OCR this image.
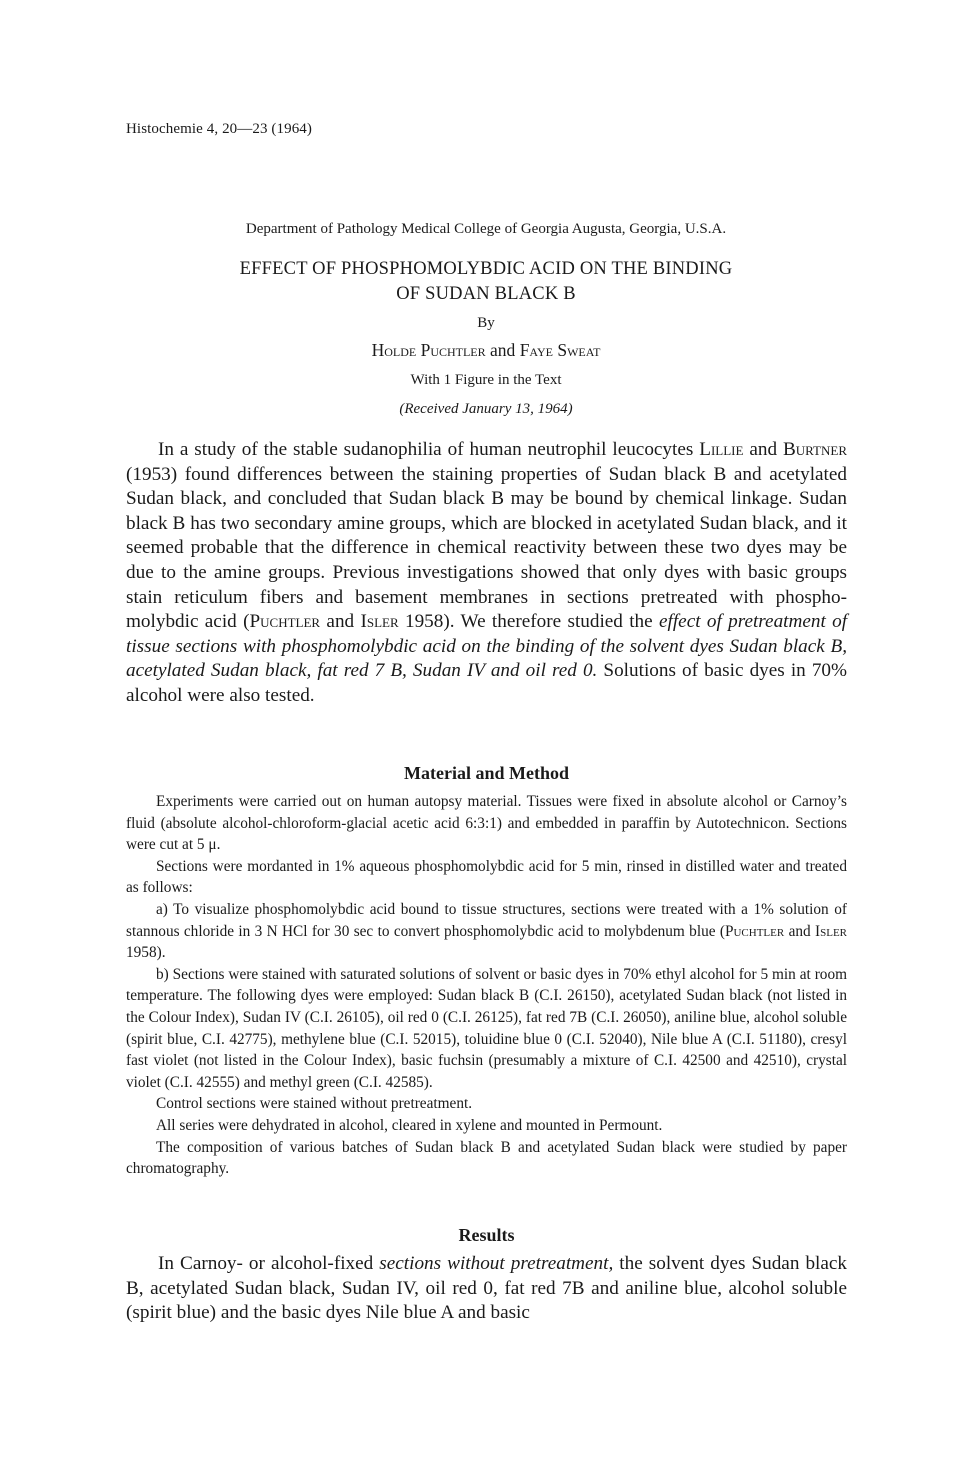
Histochemie 4, 20—23 (1964)
Department of Pathology Medical College of Georgia Augusta, Georgia, U.S.A.
EFFECT OF PHOSPHOMOLYBDIC ACID ON THE BINDING
OF SUDAN BLACK B
By
Holde Puchtler and Faye Sweat
With 1 Figure in the Text
(Received January 13, 1964)

In a study of the stable sudanophilia of human neutrophil leucocytes Lillie and Burtner (1953) found differences between the staining properties of Sudan black B and acetylated Sudan black, and concluded that Sudan black B may be bound by chemical linkage. Sudan black B has two secondary amine groups, which are blocked in acetylated Sudan black, and it seemed probable that the difference in chemical reactivity between these two dyes may be due to the amine groups. Previous investigations showed that only dyes with basic groups stain reticulum fibers and basement membranes in sections pretreated with phospho-molybdic acid (Puchtler and Isler 1958). We therefore studied the effect of pretreatment of tissue sections with phosphomolybdic acid on the binding of the solvent dyes Sudan black B, acetylated Sudan black, fat red 7 B, Sudan IV and oil red 0. Solutions of basic dyes in 70% alcohol were also tested.

Material and Method

Experiments were carried out on human autopsy material. Tissues were fixed in absolute alcohol or Carnoy’s fluid (absolute alcohol-chloroform-glacial acetic acid 6:3:1) and embedded in paraffin by Autotechnicon. Sections were cut at 5 μ.

Sections were mordanted in 1% aqueous phosphomolybdic acid for 5 min, rinsed in distilled water and treated as follows:

a) To visualize phosphomolybdic acid bound to tissue structures, sections were treated with a 1% solution of stannous chloride in 3 N HCl for 30 sec to convert phosphomolybdic acid to molybdenum blue (Puchtler and Isler 1958).

b) Sections were stained with saturated solutions of solvent or basic dyes in 70% ethyl alcohol for 5 min at room temperature. The following dyes were employed: Sudan black B (C.I. 26150), acetylated Sudan black (not listed in the Colour Index), Sudan IV (C.I. 26105), oil red 0 (C.I. 26125), fat red 7B (C.I. 26050), aniline blue, alcohol soluble (spirit blue, C.I. 42775), methylene blue (C.I. 52015), toluidine blue 0 (C.I. 52040), Nile blue A (C.I. 51180), cresyl fast violet (not listed in the Colour Index), basic fuchsin (presumably a mixture of C.I. 42500 and 42510), crystal violet (C.I. 42555) and methyl green (C.I. 42585).

Control sections were stained without pretreatment.

All series were dehydrated in alcohol, cleared in xylene and mounted in Permount.

The composition of various batches of Sudan black B and acetylated Sudan black were studied by paper chromatography.

Results

In Carnoy- or alcohol-fixed sections without pretreatment, the solvent dyes Sudan black B, acetylated Sudan black, Sudan IV, oil red 0, fat red 7B and aniline blue, alcohol soluble (spirit blue) and the basic dyes Nile blue A and basic
